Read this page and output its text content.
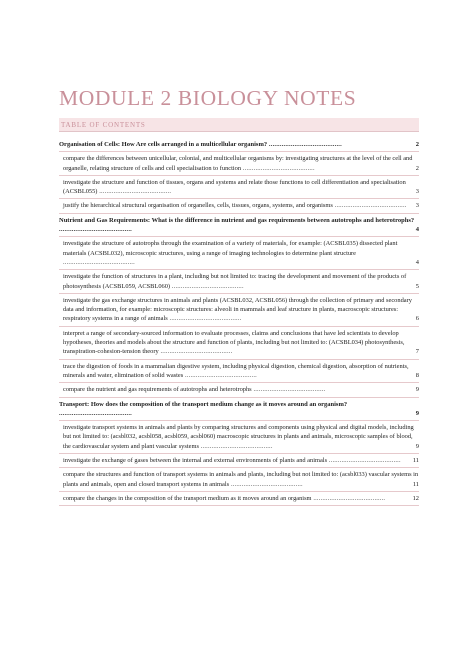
MODULE 2 BIOLOGY NOTES
TABLE OF CONTENTS
Organisation of Cells: How Are cells arranged in a multicellular organism? ........................................	2
compare the differences between unicellular, colonial, and multicellular organisms by: investigating structures at the level of the cell and organelle, relating structure of cells and cell specialisation to function ........................................	2
investigate the structure and function of tissues, organs and systems and relate those functions to cell differentiation and specialisation (ACSBL055) ........................................	3
justify the hierarchical structural organisation of organelles, cells, tissues, organs, systems, and organisms ........................................ 3
Nutrient and Gas Requirements: What is the difference in nutrient and gas requirements between autotrophs and heterotrophs? ........................................	4
investigate the structure of autotrophs through the examination of a variety of materials, for example: (ACSBL035) dissected plant materials (ACSBL032), microscopic structures, using a range of imaging technologies to determine plant structure ........................................	4
investigate the function of structures in a plant, including but not limited to: tracing the development and movement of the products of photosynthesis (ACSBL059, ACSBL060) ........................................	5
investigate the gas exchange structures in animals and plants (ACSBL032, ACSBL056) through the collection of primary and secondary data and information, for example: microscopic structures: alveoli in mammals and leaf structure in plants, macroscopic structures: respiratory systems in a range of animals ........................................	6
interpret a range of secondary-sourced information to evaluate processes, claims and conclusions that have led scientists to develop hypotheses, theories and models about the structure and function of plants, including but not limited to: (ACSBL034) photosynthesis, transpiration-cohesion-tension theory ........................................	7
trace the digestion of foods in a mammalian digestive system, including physical digestion, chemical digestion, absorption of nutrients, minerals and water, elimination of solid wastes ........................................	8
compare the nutrient and gas requirements of autotrophs and heterotrophs ........................................	9
Transport: How does the composition of the transport medium change as it moves around an organism? ........................................	9
investigate transport systems in animals and plants by comparing structures and components using physical and digital models, including but not limited to: (acsbl032, acsbl058, acsbl059, acsbl060) macroscopic structures in plants and animals, microscopic samples of blood, the cardiovascular system and plant vascular systems ........................................	9
investigate the exchange of gases between the internal and external environments of plants and animals ........................................ 11
compare the structures and function of transport systems in animals and plants, including but not limited to: (acsbl033) vascular systems in plants and animals, open and closed transport systems in animals ........................................	11
compare the changes in the composition of the transport medium as it moves around an organism ........................................	12
